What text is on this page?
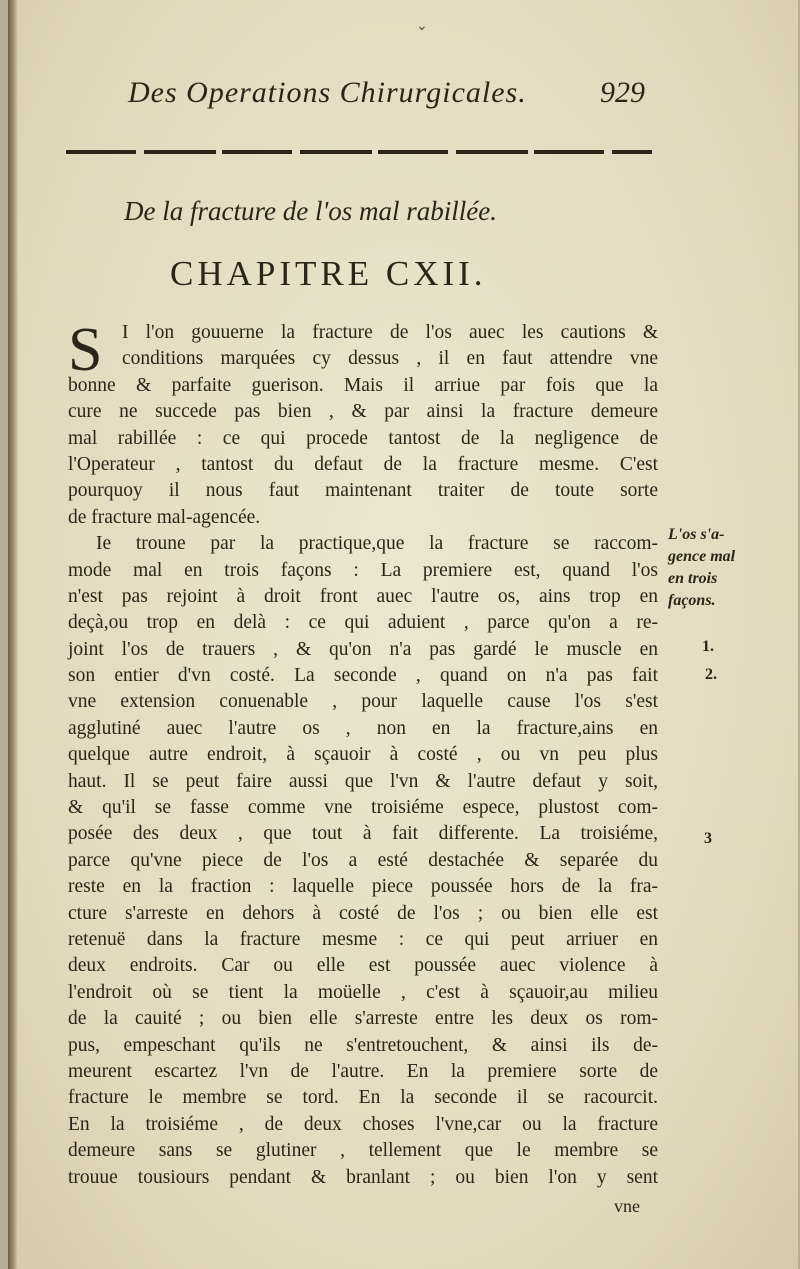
⌄
Des Operations Chirurgicales. 929
De la fracture de l'os mal rabillée.
CHAPITRE CXII.
S	I l'on gouuerne la fracture de l'os auec les cautions &
conditions marquées cy dessus , il en faut attendre vne
bonne & parfaite guerison. Mais il arriue par fois que la
cure ne succede pas bien , & par ainsi la fracture demeure
mal rabillée : ce qui procede tantost de la negligence de
l'Operateur , tantost du defaut de la fracture mesme. C'est
pourquoy il nous faut maintenant traiter de toute sorte
de fracture mal-agencée.
Ie troune par la practique,que la fracture se raccom-
mode mal en trois façons : La premiere est, quand l'os
n'est pas rejoint à droit front auec l'autre os, ains trop en
deçà,ou trop en delà : ce qui aduient , parce qu'on a re-
joint l'os de trauers , & qu'on n'a pas gardé le muscle en
son entier d'vn costé. La seconde , quand on n'a pas fait
vne extension conuenable , pour laquelle cause l'os s'est
agglutiné auec l'autre os , non en la fracture,ains en
quelque autre endroit, à sçauoir à costé , ou vn peu plus
haut. Il se peut faire aussi que l'vn & l'autre defaut y soit,
& qu'il se fasse comme vne troisiéme espece, plustost com-
posée des deux , que tout à fait differente. La troisiéme,
parce qu'vne piece de l'os a esté destachée & separée du
reste en la fraction : laquelle piece poussée hors de la fra-
cture s'arreste en dehors à costé de l'os ; ou bien elle est
retenuë dans la fracture mesme : ce qui peut arriuer en
deux endroits. Car ou elle est poussée auec violence à
l'endroit où se tient la moüelle , c'est à sçauoir,au milieu
de la cauité ; ou bien elle s'arreste entre les deux os rom-
pus, empeschant qu'ils ne s'entretouchent, & ainsi ils de-
meurent escartez l'vn de l'autre. En la premiere sorte de
fracture le membre se tord. En la seconde il se racourcit.
En la troisiéme , de deux choses l'vne,car ou la fracture
demeure sans se glutiner , tellement que le membre se
trouue tousiours pendant & branlant ; ou bien l'on y sent
L'os s'a-
gence mal
en trois
façons.
1.
2.
3
vne
